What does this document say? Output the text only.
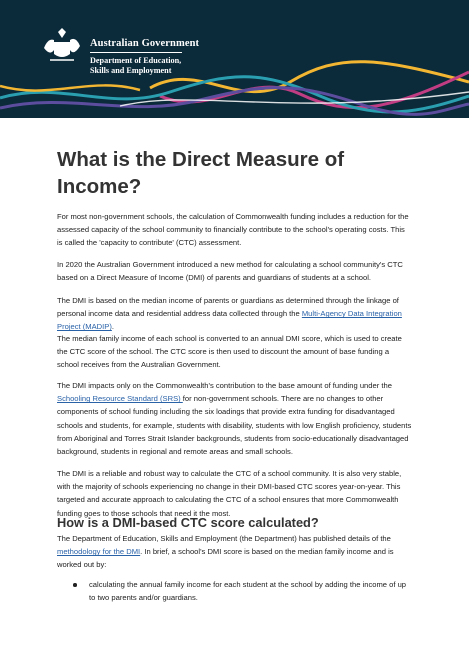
Australian Government
Department of Education,
Skills and Employment
What is the Direct Measure of Income?

For most non-government schools, the calculation of Commonwealth funding includes a reduction for the assessed capacity of the school community to financially contribute to the school's operating costs. This is called the 'capacity to contribute' (CTC) assessment.

In 2020 the Australian Government introduced a new method for calculating a school community's CTC based on a Direct Measure of Income (DMI) of parents and guardians of students at a school.

The DMI is based on the median income of parents or guardians as determined through the linkage of personal income data and residential address data collected through the Multi-Agency Data Integration Project (MADIP).

The median family income of each school is converted to an annual DMI score, which is used to create the CTC score of the school. The CTC score is then used to discount the amount of base funding a school receives from the Australian Government.

The DMI impacts only on the Commonwealth's contribution to the base amount of funding under the Schooling Resource Standard (SRS) for non-government schools. There are no changes to other components of school funding including the six loadings that provide extra funding for disadvantaged schools and students, for example, students with disability, students with low English proficiency, students from Aboriginal and Torres Strait Islander backgrounds, students from socio-educationally disadvantaged background, students in regional and remote areas and small schools.

The DMI is a reliable and robust way to calculate the CTC of a school community. It is also very stable, with the majority of schools experiencing no change in their DMI-based CTC scores year-on-year. This targeted and accurate approach to calculating the CTC of a school ensures that more Commonwealth funding goes to those schools that need it the most.

How is a DMI-based CTC score calculated?

The Department of Education, Skills and Employment (the Department) has published details of the methodology for the DMI. In brief, a school's DMI score is based on the median family income and is worked out by:

calculating the annual family income for each student at the school by adding the income of up to two parents and/or guardians.
